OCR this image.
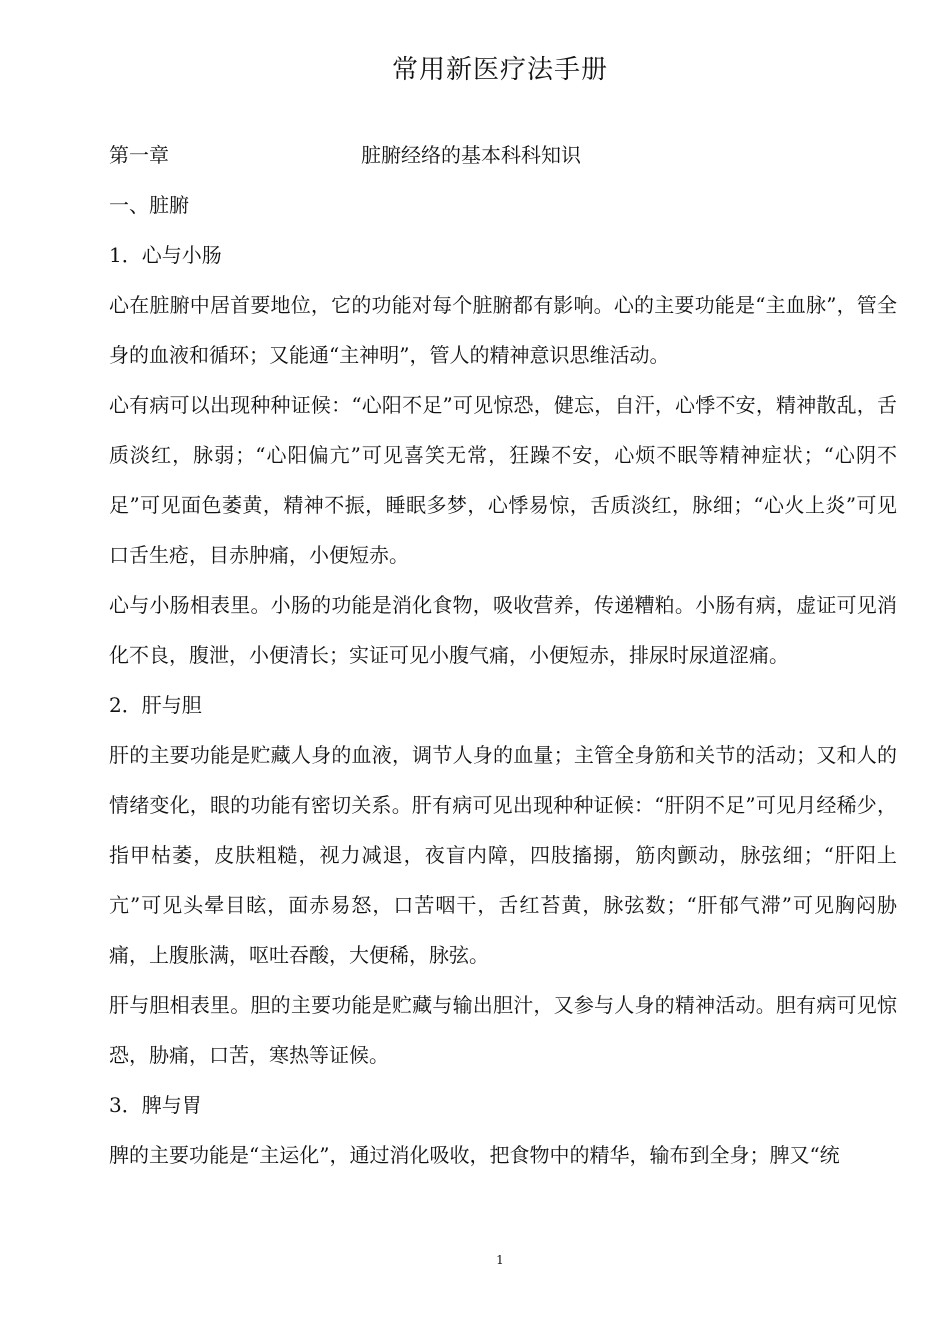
常用新医疗法手册
第一章	脏腑经络的基本科科知识

一、脏腑

1．心与小肠

心在脏腑中居首要地位，它的功能对每个脏腑都有影响。心的主要功能是“主血脉”，管全身的血液和循环；又能通“主神明”，管人的精神意识思维活动。

心有病可以出现种种证候：“心阳不足”可见惊恐，健忘，自汗，心悸不安，精神散乱，舌质淡红，脉弱；“心阳偏亢”可见喜笑无常，狂躁不安，心烦不眠等精神症状；“心阴不足”可见面色萎黄，精神不振，睡眠多梦，心悸易惊，舌质淡红，脉细；“心火上炎”可见口舌生疮，目赤肿痛，小便短赤。

心与小肠相表里。小肠的功能是消化食物，吸收营养，传递糟粕。小肠有病，虚证可见消化不良，腹泄，小便清长；实证可见小腹气痛，小便短赤，排尿时尿道涩痛。

2．肝与胆

肝的主要功能是贮藏人身的血液，调节人身的血量；主管全身筋和关节的活动；又和人的情绪变化，眼的功能有密切关系。肝有病可见出现种种证候：“肝阴不足”可见月经稀少，指甲枯萎，皮肤粗糙，视力减退，夜盲内障，四肢搐搦，筋肉颤动，脉弦细；“肝阳上亢”可见头晕目眩，面赤易怒，口苦咽干，舌红苔黄，脉弦数；“肝郁气滞”可见胸闷胁痛，上腹胀满，呕吐吞酸，大便稀，脉弦。

肝与胆相表里。胆的主要功能是贮藏与输出胆汁，又参与人身的精神活动。胆有病可见惊恐，胁痛，口苦，寒热等证候。

3．脾与胃

脾的主要功能是“主运化”，通过消化吸收，把食物中的精华，输布到全身；脾又“统

1
